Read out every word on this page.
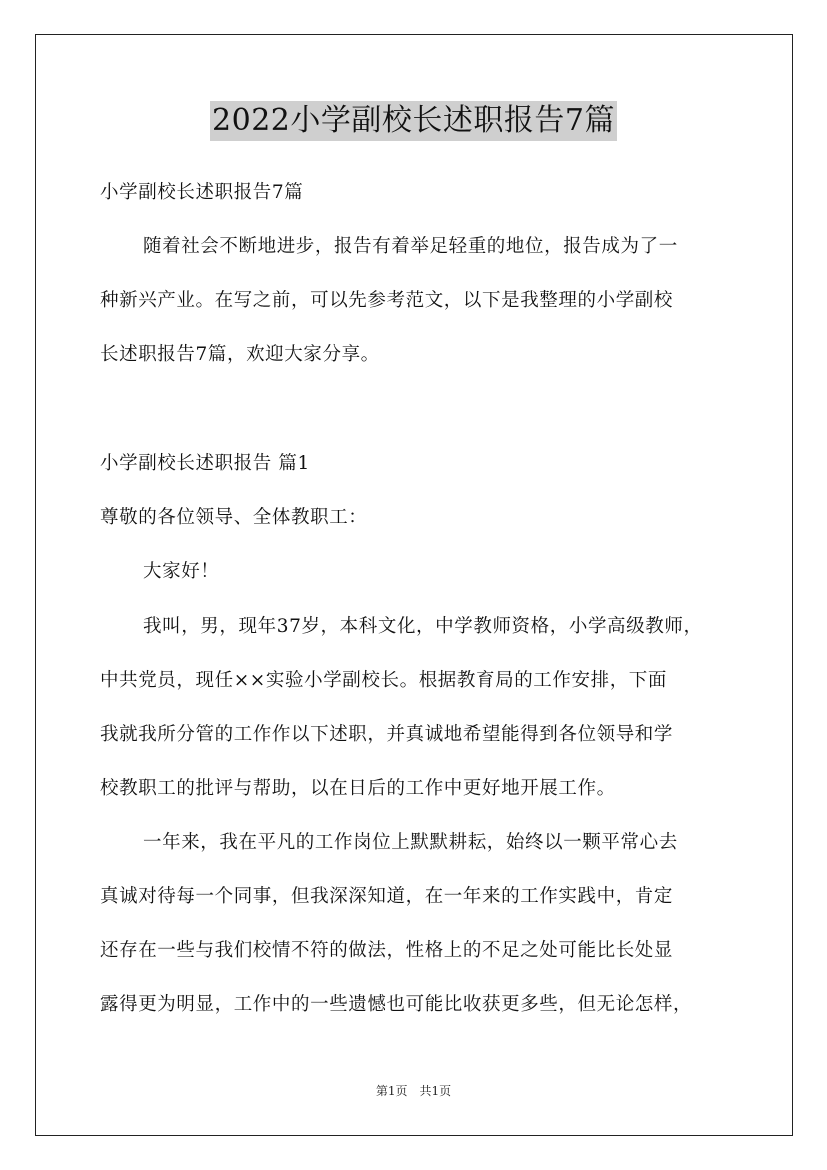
2022小学副校长述职报告7篇
小学副校长述职报告7篇
随着社会不断地进步，报告有着举足轻重的地位，报告成为了一
种新兴产业。在写之前，可以先参考范文，以下是我整理的小学副校
长述职报告7篇，欢迎大家分享。
小学副校长述职报告 篇1
尊敬的各位领导、全体教职工：
大家好！
我叫，男，现年37岁，本科文化，中学教师资格，小学高级教师，
中共党员，现任××实验小学副校长。根据教育局的工作安排，下面
我就我所分管的工作作以下述职，并真诚地希望能得到各位领导和学
校教职工的批评与帮助，以在日后的工作中更好地开展工作。
一年来，我在平凡的工作岗位上默默耕耘，始终以一颗平常心去
真诚对待每一个同事，但我深深知道，在一年来的工作实践中，肯定
还存在一些与我们校情不符的做法，性格上的不足之处可能比长处显
露得更为明显，工作中的一些遗憾也可能比收获更多些，但无论怎样，
第1页　共1页
